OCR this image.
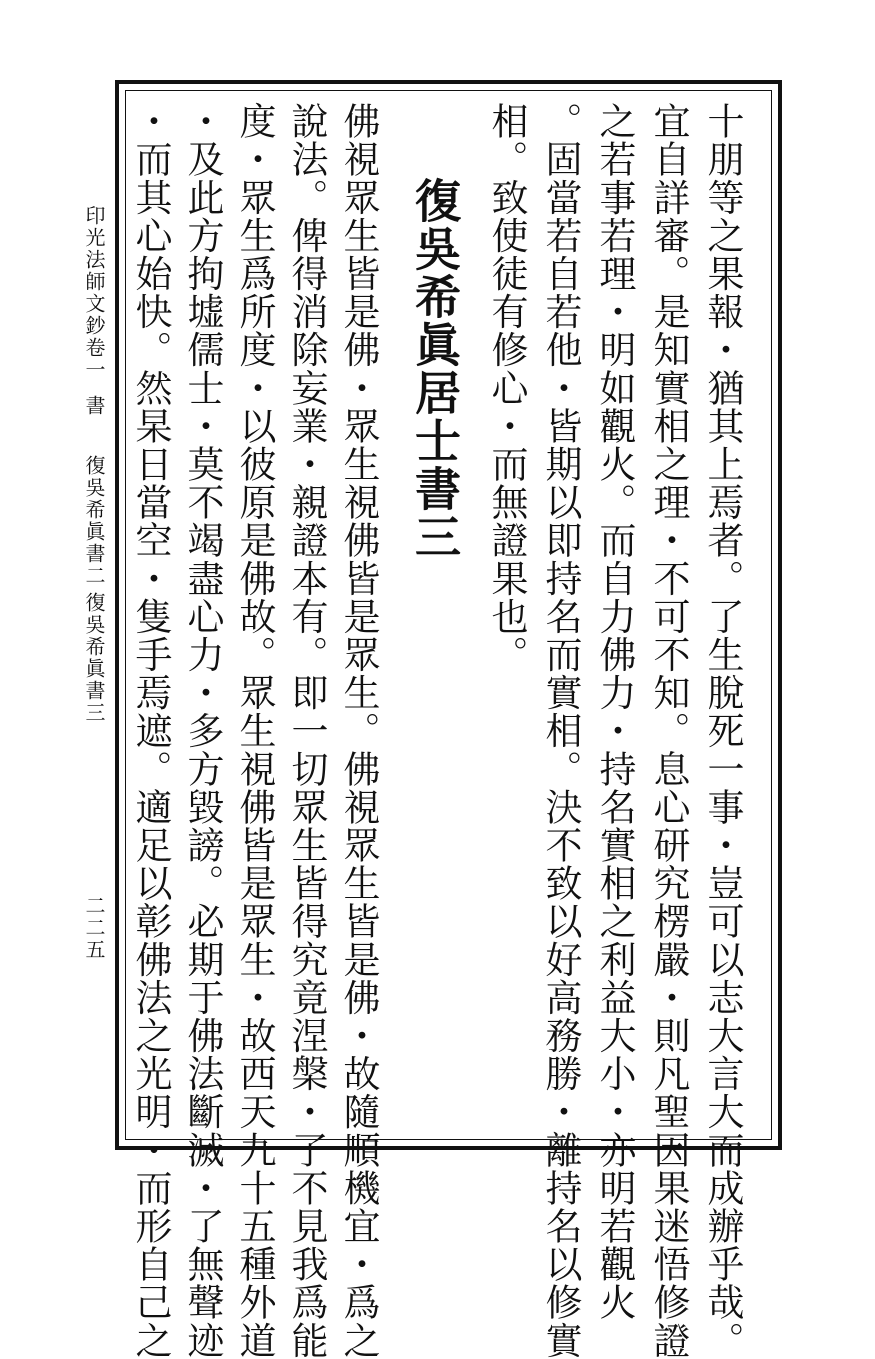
印光法師文鈔卷一
書
復吳希眞書二
復吳希眞書三
二二五	十朋等之果報・猶其上焉者。了生脫死一事・豈可以志大言大而成辦乎哉。
宜自詳審。是知實相之理・不可不知。息心研究楞嚴・則凡聖因果迷悟修證
之若事若理・明如觀火。而自力佛力・持名實相之利益大小・亦明若觀火
。固當若自若他・皆期以即持名而實相。決不致以好高務勝・離持名以修實
相。致使徒有修心・而無證果也。
復吳希眞居士書三
佛視眾生皆是佛・眾生視佛皆是眾生。佛視眾生皆是佛・故隨順機宜・爲之
說法。俾得消除妄業・親證本有。即一切眾生皆得究竟涅槃・了不見我爲能
度・眾生爲所度・以彼原是佛故。眾生視佛皆是眾生・故西天九十五種外道
・及此方拘墟儒士・莫不竭盡心力・多方毀謗。必期于佛法斷滅・了無聲迹
・而其心始快。然杲日當空・隻手焉遮。適足以彰佛法之光明・而形自己之
